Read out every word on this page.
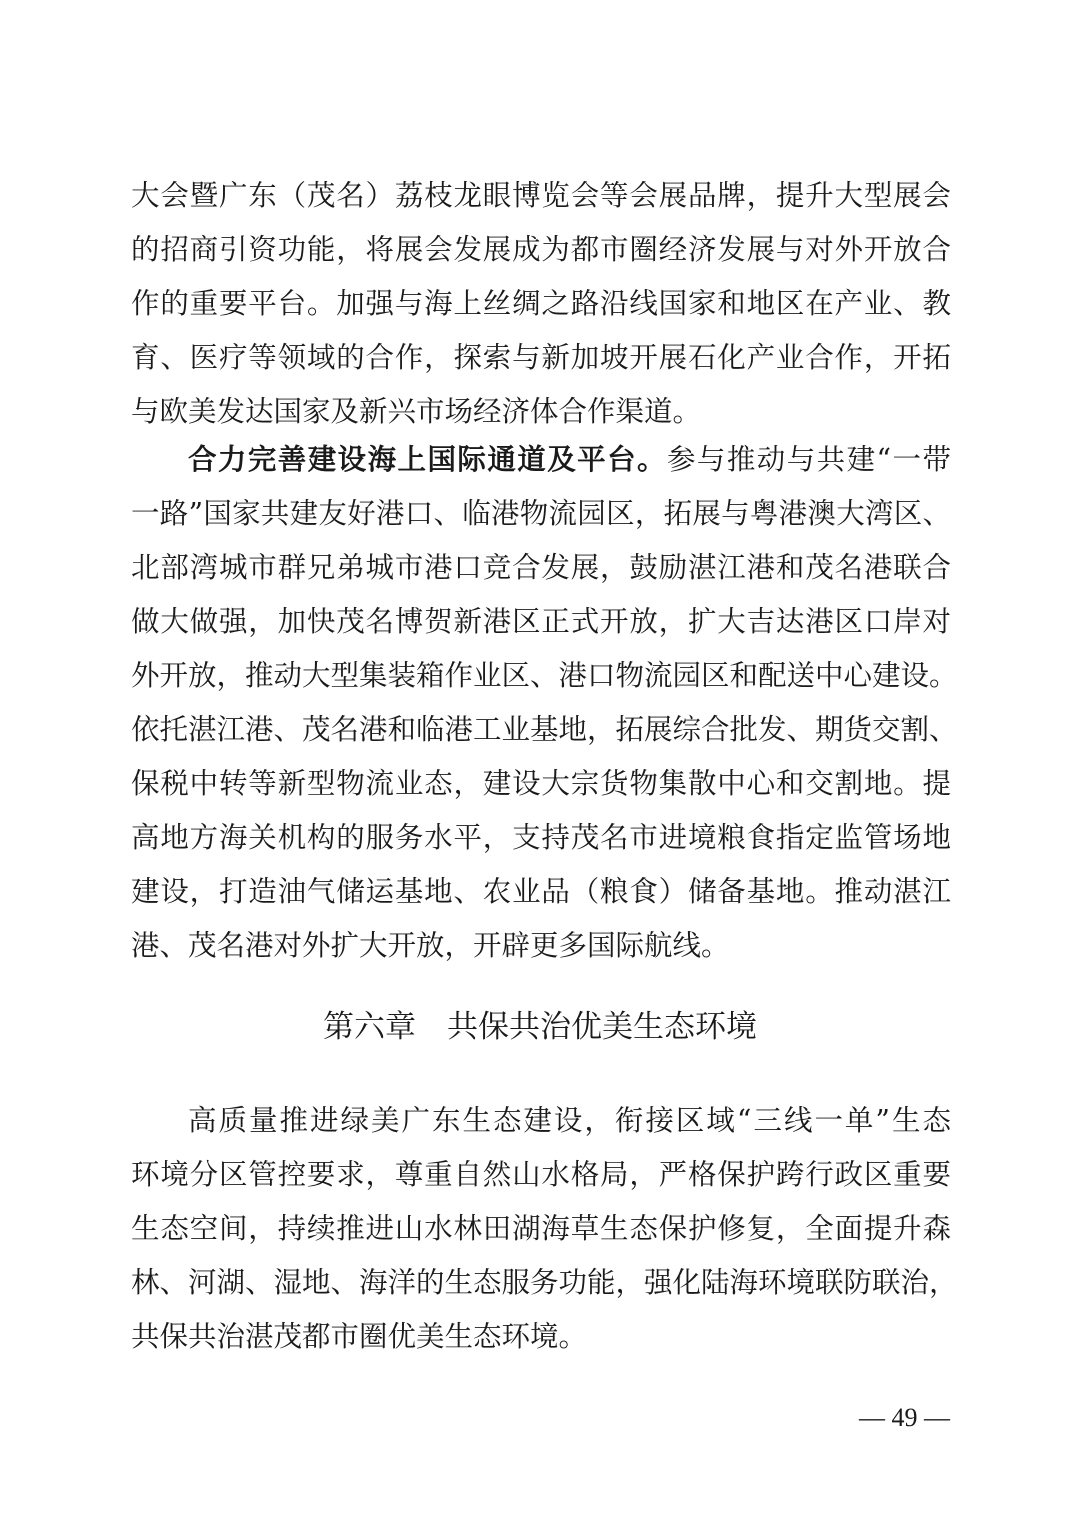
大会暨广东（茂名）荔枝龙眼博览会等会展品牌，提升大型展会
的招商引资功能，将展会发展成为都市圈经济发展与对外开放合
作的重要平台。加强与海上丝绸之路沿线国家和地区在产业、教
育、医疗等领域的合作，探索与新加坡开展石化产业合作，开拓
与欧美发达国家及新兴市场经济体合作渠道。
合力完善建设海上国际通道及平台。参与推动与共建“一带
一路”国家共建友好港口、临港物流园区，拓展与粤港澳大湾区、
北部湾城市群兄弟城市港口竞合发展，鼓励湛江港和茂名港联合
做大做强，加快茂名博贺新港区正式开放，扩大吉达港区口岸对
外开放，推动大型集装箱作业区、港口物流园区和配送中心建设。
依托湛江港、茂名港和临港工业基地，拓展综合批发、期货交割、
保税中转等新型物流业态，建设大宗货物集散中心和交割地。提
高地方海关机构的服务水平，支持茂名市进境粮食指定监管场地
建设，打造油气储运基地、农业品（粮食）储备基地。推动湛江
港、茂名港对外扩大开放，开辟更多国际航线。
第六章　共保共治优美生态环境
高质量推进绿美广东生态建设，衔接区域“三线一单”生态
环境分区管控要求，尊重自然山水格局，严格保护跨行政区重要
生态空间，持续推进山水林田湖海草生态保护修复，全面提升森
林、河湖、湿地、海洋的生态服务功能，强化陆海环境联防联治，
共保共治湛茂都市圈优美生态环境。
— 49 —
